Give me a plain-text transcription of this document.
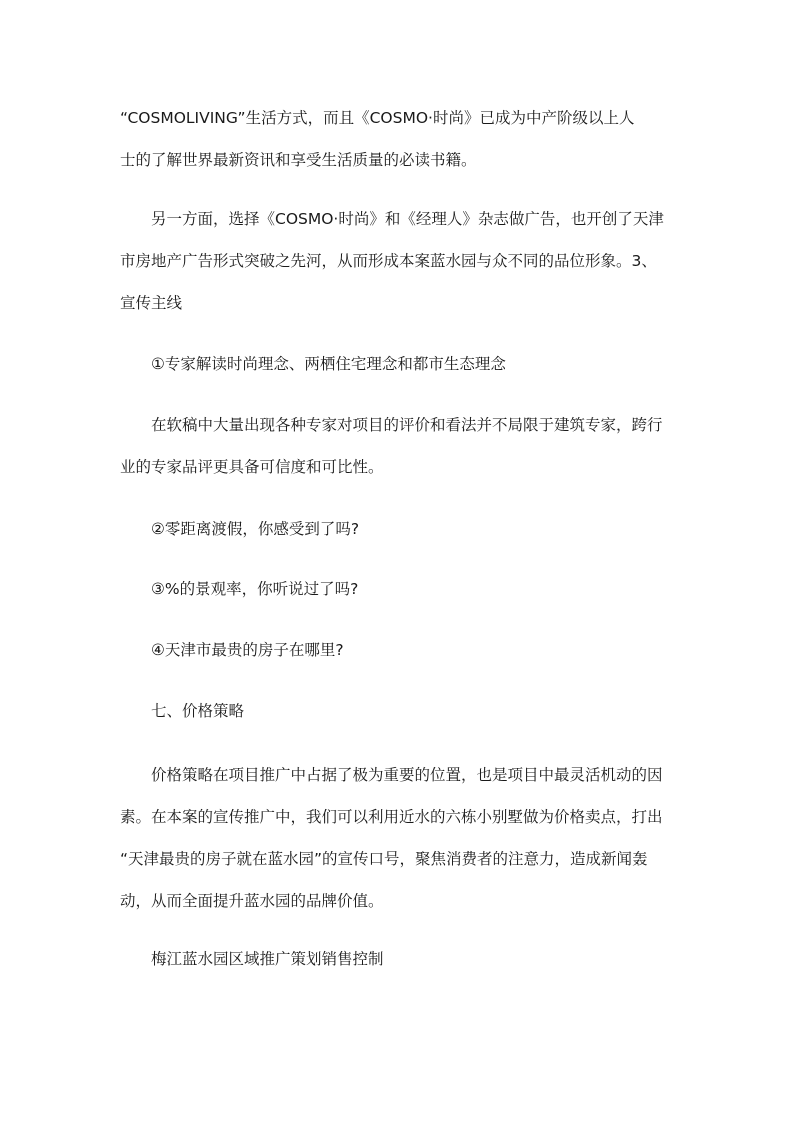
“COSMOLIVING”生活方式，而且《COSMO·时尚》已成为中产阶级以上人
士的了解世界最新资讯和享受生活质量的必读书籍。

另一方面，选择《COSMO·时尚》和《经理人》杂志做广告，也开创了天津
市房地产广告形式突破之先河，从而形成本案蓝水园与众不同的品位形象。3、
宣传主线

①专家解读时尚理念、两栖住宅理念和都市生态理念

在软稿中大量出现各种专家对项目的评价和看法并不局限于建筑专家，跨行
业的专家品评更具备可信度和可比性。

②零距离渡假，你感受到了吗?

③%的景观率，你听说过了吗?

④天津市最贵的房子在哪里?

七、价格策略

价格策略在项目推广中占据了极为重要的位置，也是项目中最灵活机动的因
素。在本案的宣传推广中，我们可以利用近水的六栋小别墅做为价格卖点，打出
“天津最贵的房子就在蓝水园”的宣传口号，聚焦消费者的注意力，造成新闻轰
动，从而全面提升蓝水园的品牌价值。

梅江蓝水园区域推广策划销售控制
